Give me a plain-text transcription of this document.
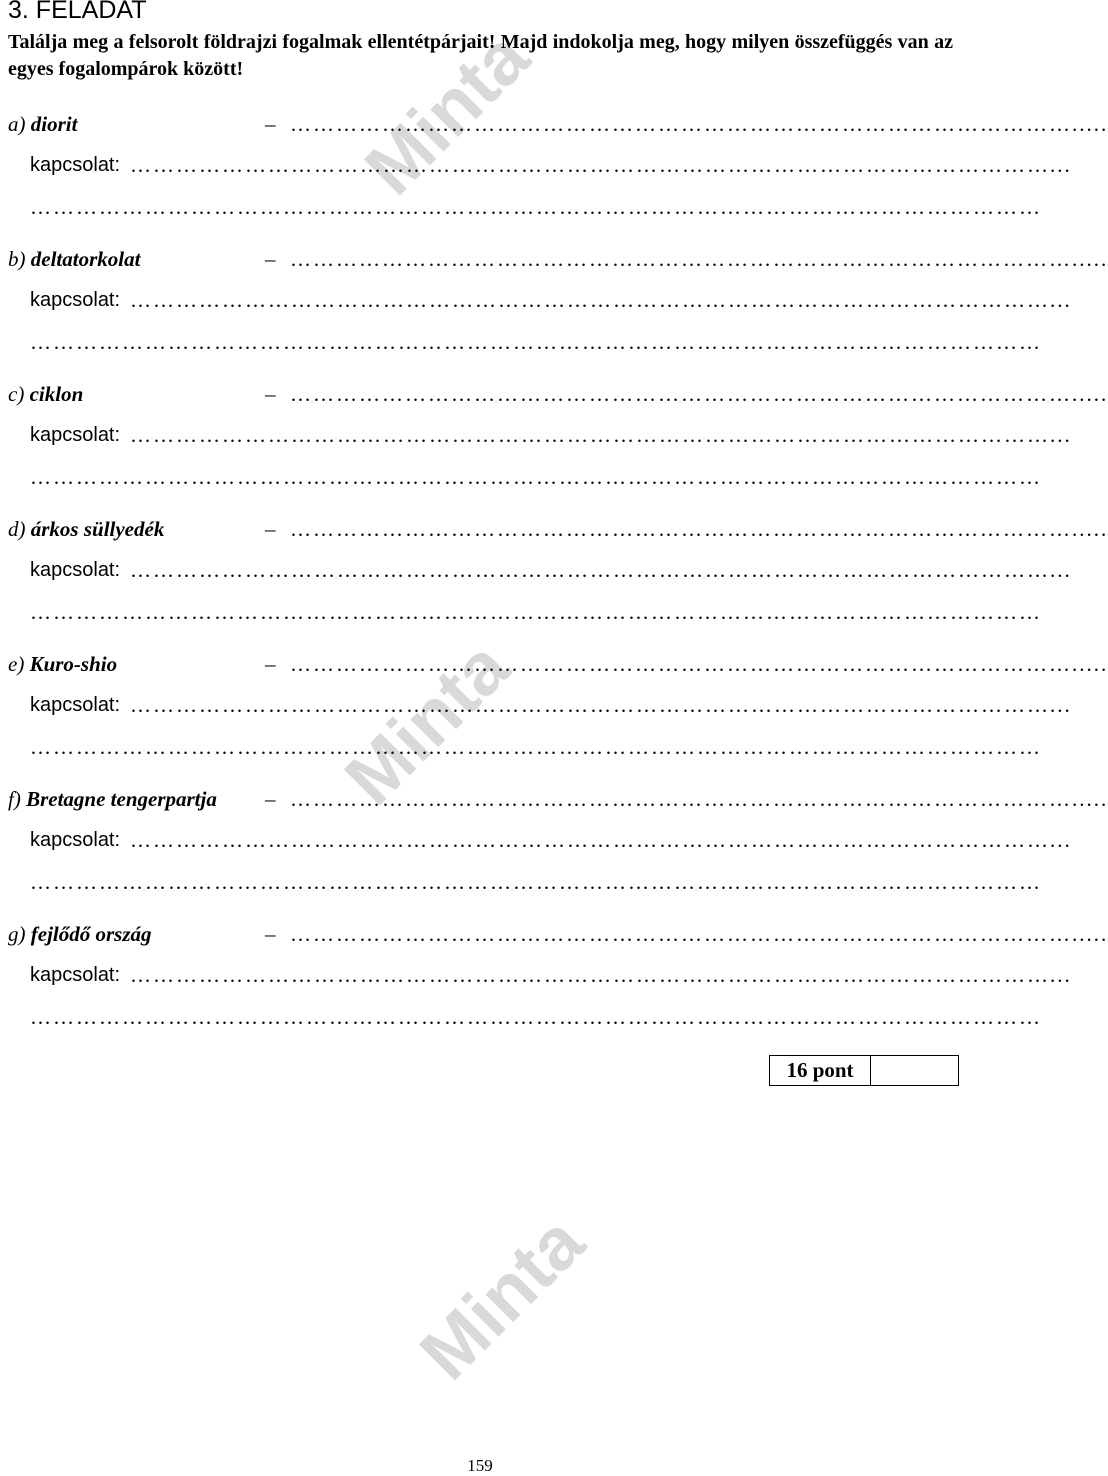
Minta
Minta
Minta
3. FELADAT
Találja meg a felsorolt földrajzi fogalmak ellentétpárjait! Majd indokolja meg, hogy milyen összefüggés van az egyes fogalompárok között!
a) diorit	– ………………………………………………………………………………………….....
kapcsolat: …………………………………………………………………………………………………………...
……………………………………………………………………………………………………………………
b) deltatorkolat	– ………………………………………………………………………………………….....
kapcsolat: …………………………………………………………………………………………………………...
……………………………………………………………………………………………………………………
c) ciklon	– ………………………………………………………………………………………….....
kapcsolat: …………………………………………………………………………………………………………...
……………………………………………………………………………………………………………………
d) árkos süllyedék	– ………………………………………………………………………………………….....
kapcsolat: …………………………………………………………………………………………………………...
……………………………………………………………………………………………………………………
e) Kuro-shio	– ………………………………………………………………………………………….....
kapcsolat: …………………………………………………………………………………………………………...
……………………………………………………………………………………………………………………
f) Bretagne tengerpartja – ………………………………………………………………………………………….....
kapcsolat: …………………………………………………………………………………………………………...
……………………………………………………………………………………………………………………
g) fejlődő ország	– ………………………………………………………………………………………….....
kapcsolat: …………………………………………………………………………………………………………...
……………………………………………………………………………………………………………………
16 pont
159
